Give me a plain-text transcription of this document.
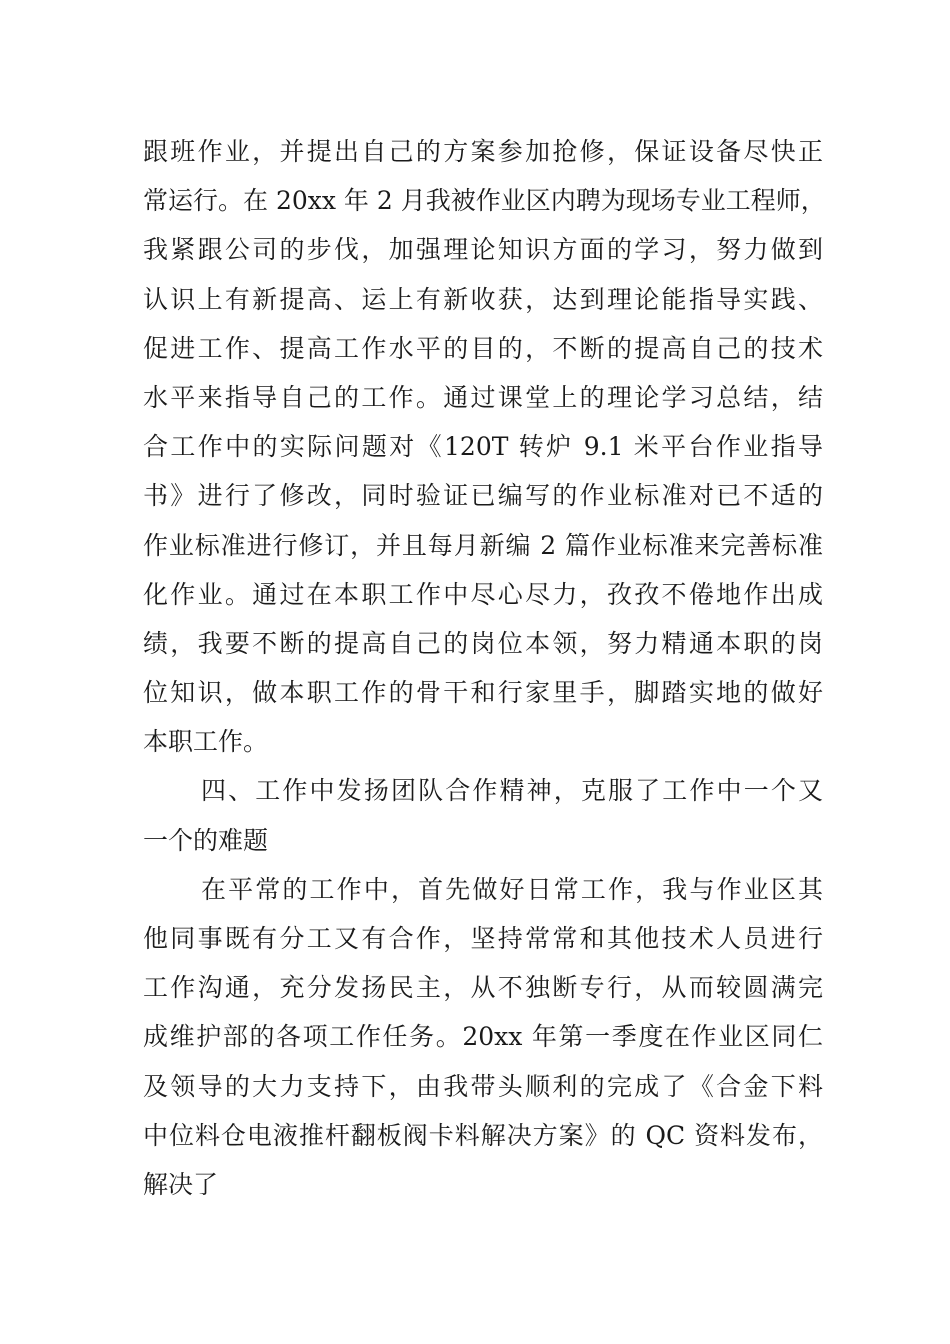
跟班作业，并提出自己的方案参加抢修，保证设备尽快正
常运行。在 20xx 年 2 月我被作业区内聘为现场专业工程师，
我紧跟公司的步伐，加强理论知识方面的学习，努力做到
认识上有新提高、运上有新收获，达到理论能指导实践、
促进工作、提高工作水平的目的，不断的提高自己的技术
水平来指导自己的工作。通过课堂上的理论学习总结，结
合工作中的实际问题对《120T 转炉 9.1 米平台作业指导
书》进行了修改，同时验证已编写的作业标准对已不适的
作业标准进行修订，并且每月新编 2 篇作业标准来完善标准
化作业。通过在本职工作中尽心尽力，孜孜不倦地作出成
绩，我要不断的提高自己的岗位本领，努力精通本职的岗
位知识，做本职工作的骨干和行家里手，脚踏实地的做好
本职工作。
四、工作中发扬团队合作精神，克服了工作中一个又
一个的难题
在平常的工作中，首先做好日常工作，我与作业区其
他同事既有分工又有合作，坚持常常和其他技术人员进行
工作沟通，充分发扬民主，从不独断专行，从而较圆满完
成维护部的各项工作任务。20xx 年第一季度在作业区同仁
及领导的大力支持下，由我带头顺利的完成了《合金下料
中位料仓电液推杆翻板阀卡料解决方案》的 QC 资料发布，
解决了
